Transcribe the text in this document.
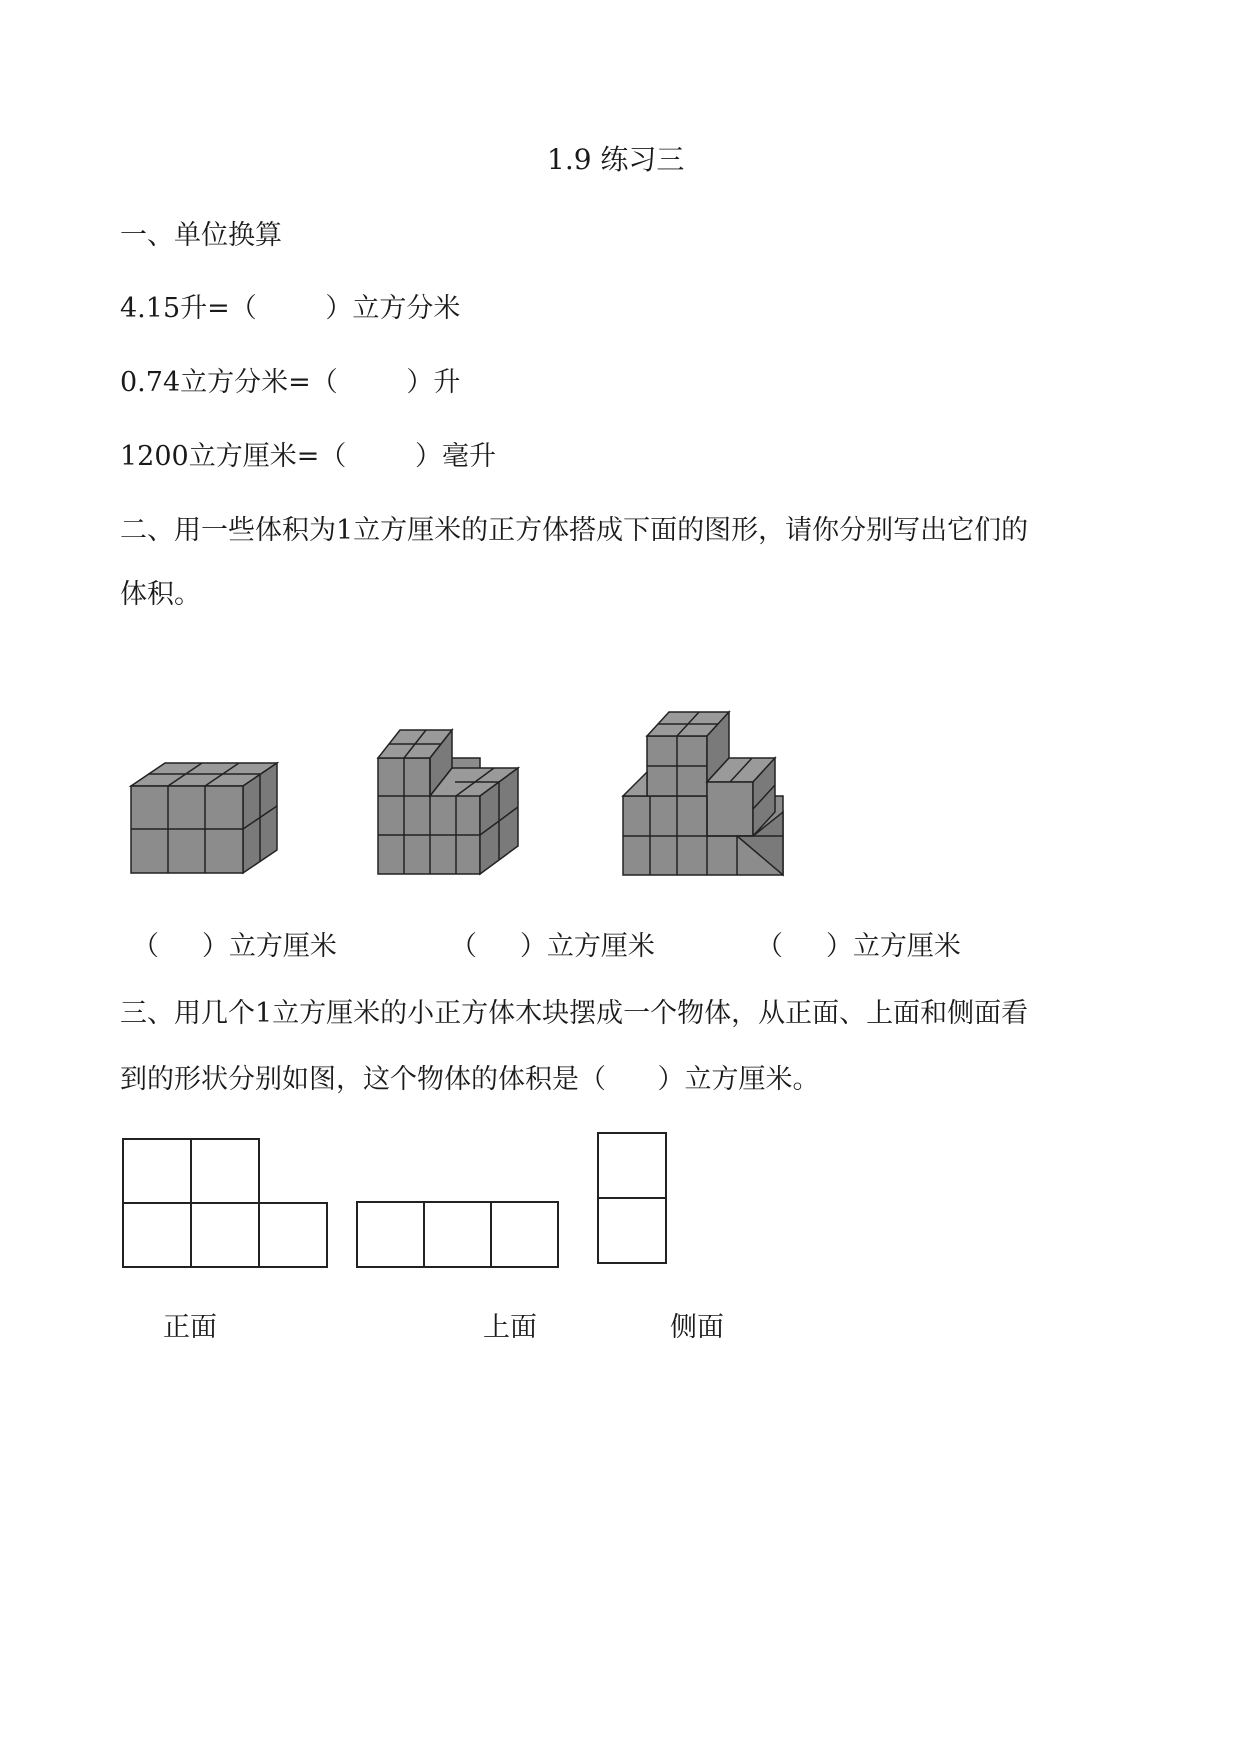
1.9 练习三
一、单位换算
4.15升=（        ）立方分米
0.74立方分米=（        ）升
1200立方厘米=（        ）毫升
二、用一些体积为1立方厘米的正方体搭成下面的图形，请你分别写出它们的
体积。
（     ）立方厘米	（     ）立方厘米	（     ）立方厘米
三、用几个1立方厘米的小正方体木块摆成一个物体，从正面、上面和侧面看
到的形状分别如图，这个物体的体积是（      ）立方厘米。
正面	上面	侧面
